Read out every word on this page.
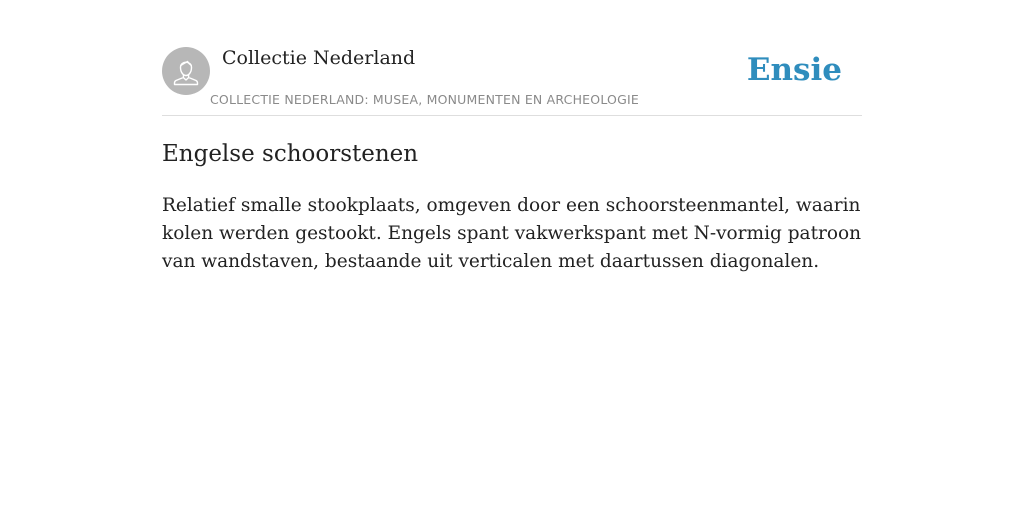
Collectie Nederland
COLLECTIE NEDERLAND: MUSEA, MONUMENTEN EN ARCHEOLOGIE
Ensie
Engelse schoorstenen

Relatief smalle stookplaats, omgeven door een schoorsteenmantel, waarin kolen werden gestookt. Engels spant vakwerkspant met N-vormig patroon van wandstaven, bestaande uit verticalen met daartussen diagonalen.
